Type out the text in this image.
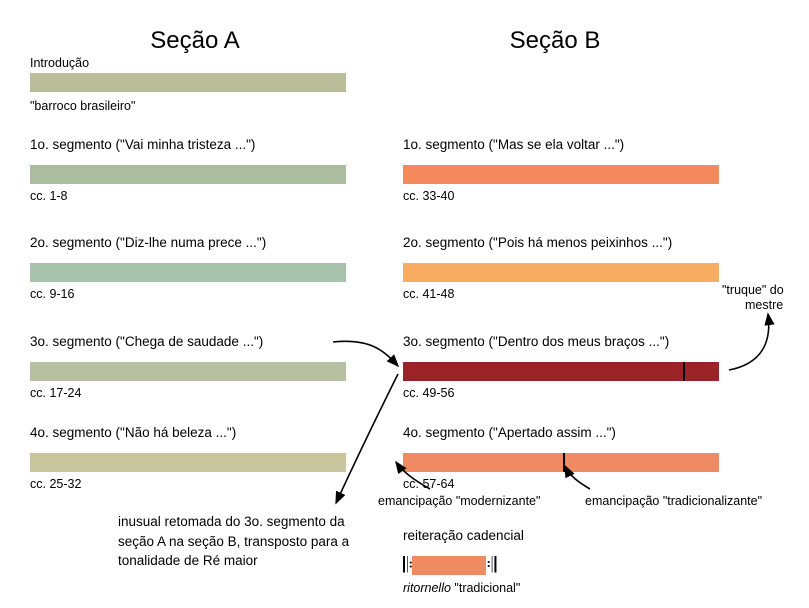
Seção A	Seção B
Introdução
"barroco brasileiro"
1o. segmento ("Vai minha tristeza ...")
cc. 1-8
2o. segmento ("Diz-lhe numa prece ...")
cc. 9-16
3o. segmento ("Chega de saudade ...")
cc. 17-24
4o. segmento ("Não há beleza ...")
cc. 25-32
1o. segmento ("Mas se ela voltar ...")
cc. 33-40
2o. segmento ("Pois há menos peixinhos ...")
cc. 41-48	"truque" do
mestre
3o. segmento ("Dentro dos meus braços ...")
cc. 49-56
4o. segmento ("Apertado assim ...")
cc. 57-64
emancipação "modernizante"	emancipação "tradicionalizante"
reiteração cadencial
𝄆	𝄇
ritornello "tradicional"
inusual retomada do 3o. segmento da seção A na seção B, transposto para a tonalidade de Ré maior
